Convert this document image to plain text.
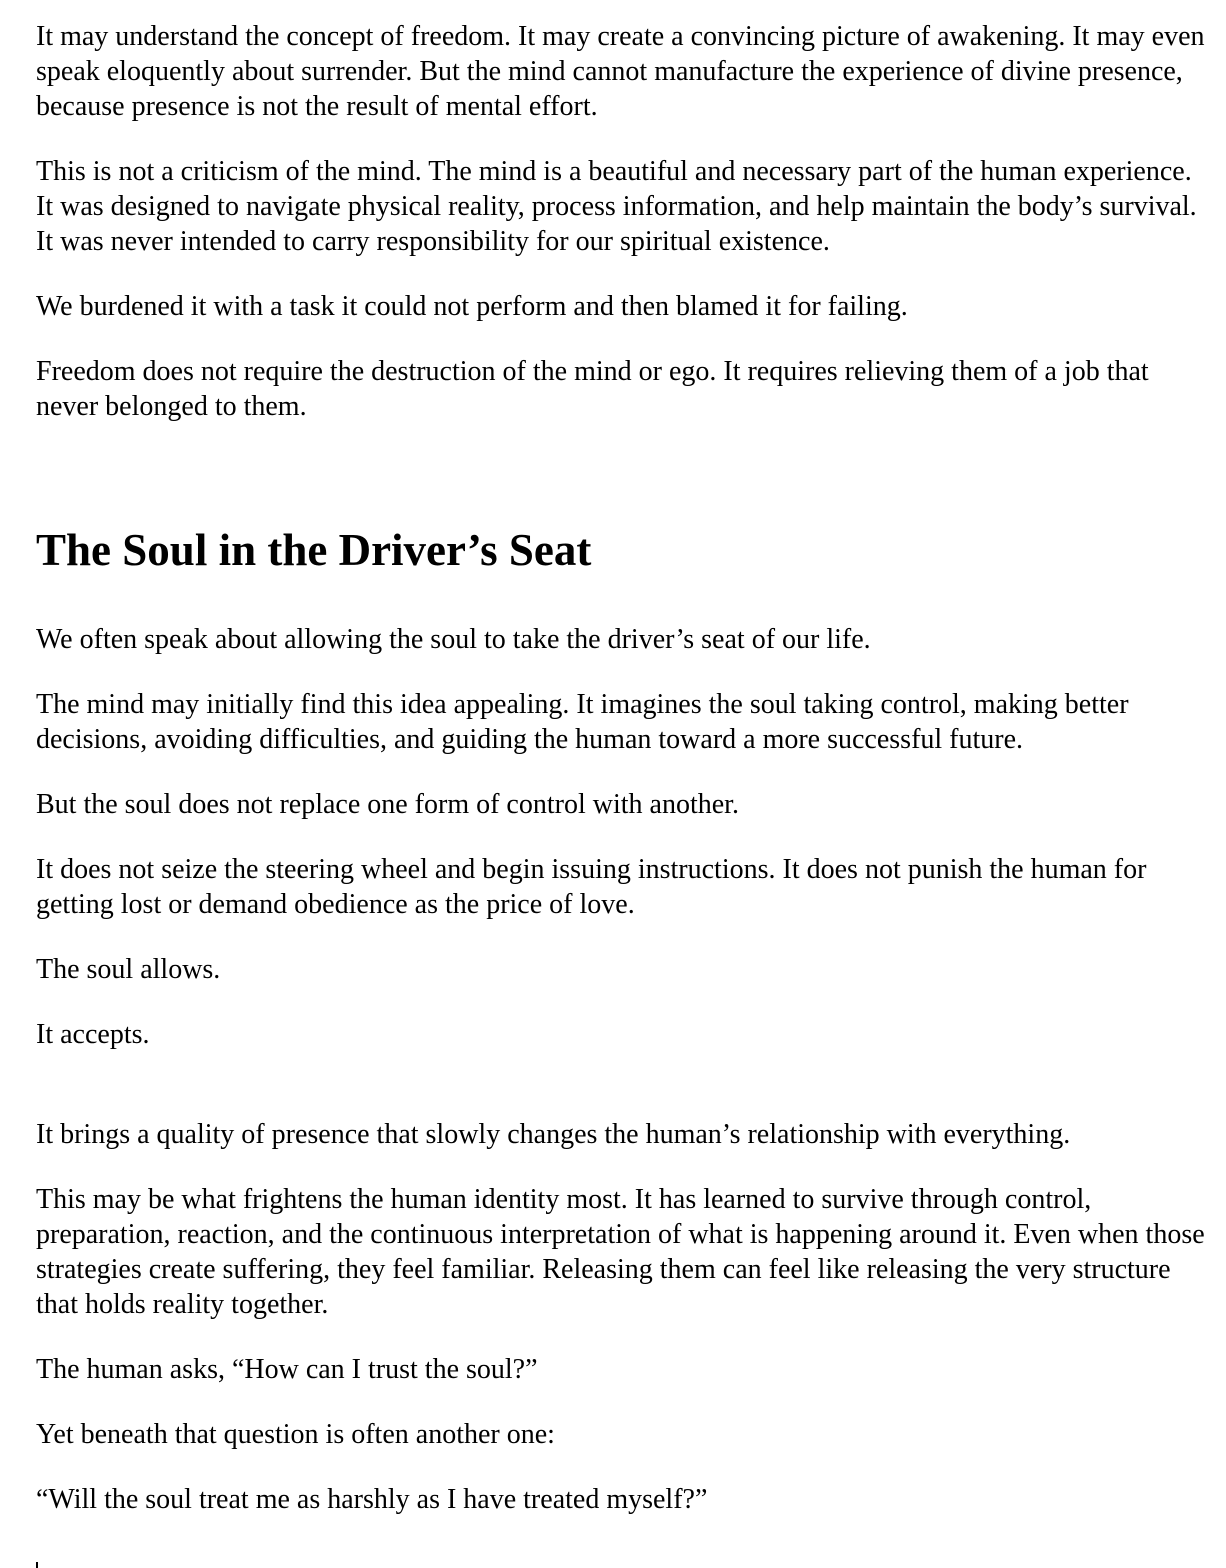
It may understand the concept of freedom. It may create a convincing picture of awakening. It may even speak eloquently about surrender. But the mind cannot manufacture the experience of divine presence, because presence is not the result of mental effort.

This is not a criticism of the mind. The mind is a beautiful and necessary part of the human experience. It was designed to navigate physical reality, process information, and help maintain the body’s survival. It was never intended to carry responsibility for our spiritual existence.

We burdened it with a task it could not perform and then blamed it for failing.

Freedom does not require the destruction of the mind or ego. It requires relieving them of a job that never belonged to them.

The Soul in the Driver’s Seat

We often speak about allowing the soul to take the driver’s seat of our life.

The mind may initially find this idea appealing. It imagines the soul taking control, making better decisions, avoiding difficulties, and guiding the human toward a more successful future.

But the soul does not replace one form of control with another.

It does not seize the steering wheel and begin issuing instructions. It does not punish the human for getting lost or demand obedience as the price of love.

The soul allows.

It accepts.

It brings a quality of presence that slowly changes the human’s relationship with everything.

This may be what frightens the human identity most. It has learned to survive through control, preparation, reaction, and the continuous interpretation of what is happening around it. Even when those strategies create suffering, they feel familiar. Releasing them can feel like releasing the very structure that holds reality together.

The human asks, “How can I trust the soul?”

Yet beneath that question is often another one:

“Will the soul treat me as harshly as I have treated myself?”
